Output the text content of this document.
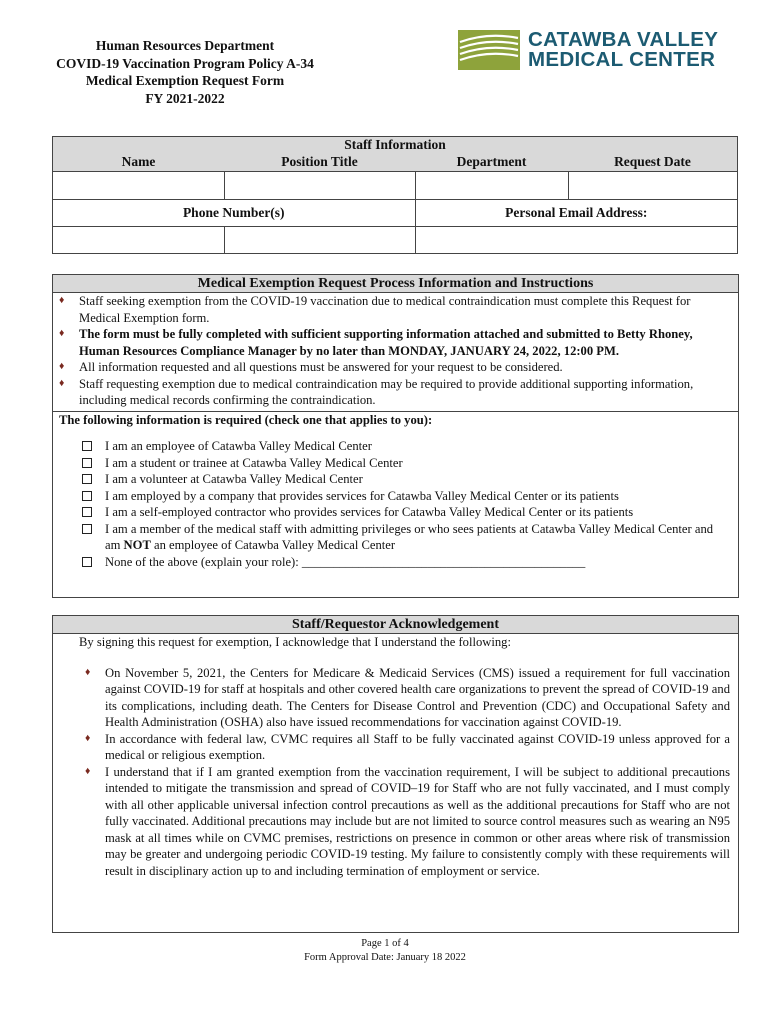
Human Resources Department
COVID-19 Vaccination Program Policy A-34
Medical Exemption Request Form
FY 2021-2022
CATAWBA VALLEY
MEDICAL CENTER
Staff Information			
Name	Position Title	Department	Request Date

Phone Number(s)		Personal Email Address:	

Medical Exemption Request Process Information and Instructions
♦ Staff seeking exemption from the COVID-19 vaccination due to medical contraindication must complete this Request for Medical Exemption form.
♦ The form must be fully completed with sufficient supporting information attached and submitted to Betty Rhoney, Human Resources Compliance Manager by no later than MONDAY, JANUARY 24, 2022, 12:00 PM.
♦ All information requested and all questions must be answered for your request to be considered.
♦ Staff requesting exemption due to medical contraindication may be required to provide additional supporting information, including medical records confirming the contraindication.
The following information is required (check one that applies to you):
I am an employee of Catawba Valley Medical Center
I am a student or trainee at Catawba Valley Medical Center
I am a volunteer at Catawba Valley Medical Center
I am employed by a company that provides services for Catawba Valley Medical Center or its patients
I am a self-employed contractor who provides services for Catawba Valley Medical Center or its patients
I am a member of the medical staff with admitting privileges or who sees patients at Catawba Valley Medical Center and am NOT an employee of Catawba Valley Medical Center
None of the above (explain your role): _____________________________________________
Staff/Requestor Acknowledgement
By signing this request for exemption, I acknowledge that I understand the following:
♦ On November 5, 2021, the Centers for Medicare & Medicaid Services (CMS) issued a requirement for full vaccination against COVID-19 for staff at hospitals and other covered health care organizations to prevent the spread of COVID-19 and its complications, including death. The Centers for Disease Control and Prevention (CDC) and Occupational Safety and Health Administration (OSHA) also have issued recommendations for vaccination against COVID-19.
♦ In accordance with federal law, CVMC requires all Staff to be fully vaccinated against COVID-19 unless approved for a medical or religious exemption.
♦ I understand that if I am granted exemption from the vaccination requirement, I will be subject to additional precautions intended to mitigate the transmission and spread of COVID–19 for Staff who are not fully vaccinated, and I must comply with all other applicable universal infection control precautions as well as the additional precautions for Staff who are not fully vaccinated. Additional precautions may include but are not limited to source control measures such as wearing an N95 mask at all times while on CVMC premises, restrictions on presence in common or other areas where risk of transmission may be greater and undergoing periodic COVID-19 testing. My failure to consistently comply with these requirements will result in disciplinary action up to and including termination of employment or service.
Page 1 of 4
Form Approval Date: January 18 2022
